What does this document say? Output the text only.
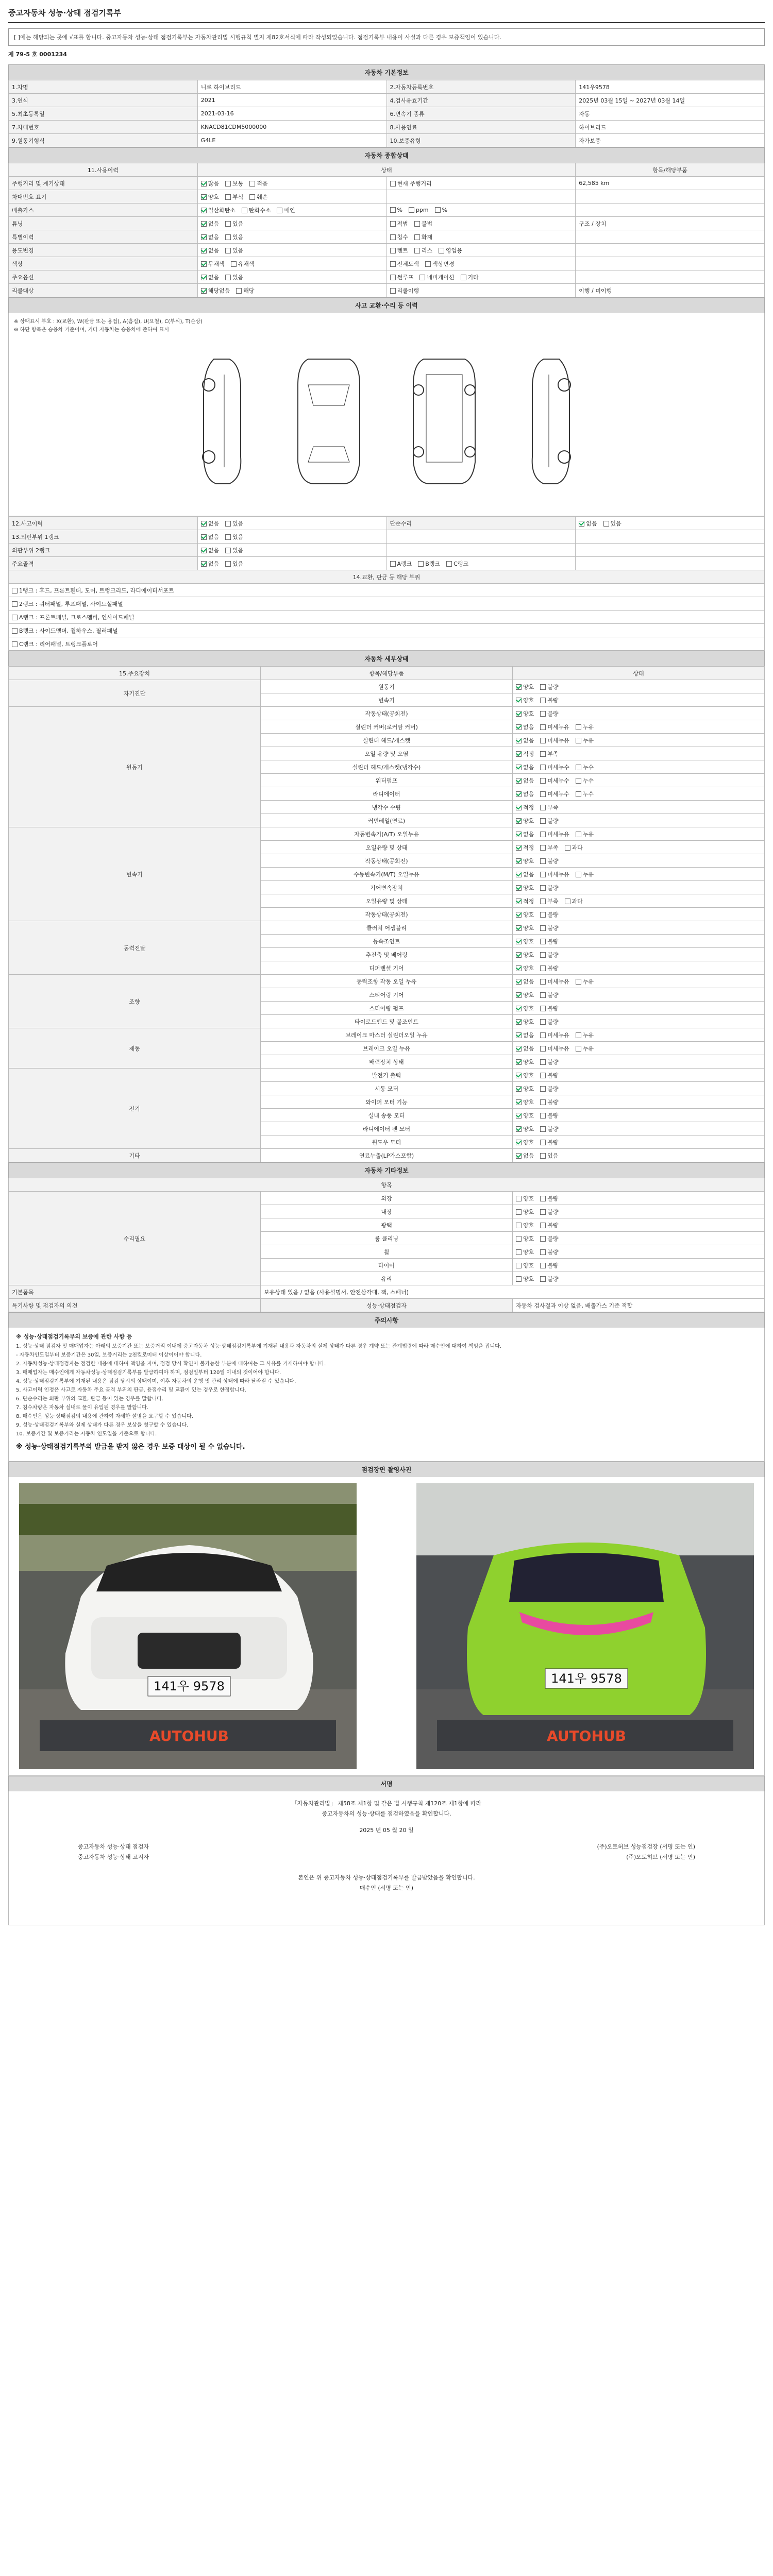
중고자동차 성능·상태 점검기록부
[ ]에는 해당되는 곳에 √표를 합니다. 중고자동차 성능·상태 점검기록부는 자동차관리법 시행규칙 별지 제82호서식에 따라 작성되었습니다. 점검기록부 내용이 사실과 다른 경우 보증책임이 있습니다.
제 79-5 호 0001234
자동차 기본정보
1.차명	니로 하이브리드	2.자동차등록번호	141우9578
3.연식	2021	4.검사유효기간	2025년 03월 15일 ~ 2027년 03월 14일
5.최초등록일	2021-03-16	6.변속기 종류	자동
7.차대번호	KNACD81CDM5000000	8.사용연료	하이브리드
9.원동기형식	G4LE	10.보증유형	자가보증
자동차 종합상태
11.사용이력	상태		항목/해당부품
주행거리 및 계기상태	많음 보통 적음	현재 주행거리	62,585 km
차대번호 표기	양호 부식 훼손		
배출가스	일산화탄소 탄화수소 매연	% ppm %	
튜닝	없음 있음	적법 불법	구조 / 장치
특별이력	없음 있음	침수 화재	
용도변경	없음 있음	렌트 리스 영업용	
색상	무채색 유채색	전체도색 색상변경	
주요옵션	없음 있음	썬루프 네비게이션 기타	
리콜대상	해당없음 해당	리콜이행	이행 / 미이행
사고 교환·수리 등 이력
※ 상태표시 부호 : X(교환), W(판금 또는 용접), A(흠집), U(요철), C(부식), T(손상)
※ 하단 항목은 승용차 기준이며, 기타 자동차는 승용차에 준하여 표시

12.사고이력	없음 있음	단순수리	없음 있음
13.외판부위 1랭크	없음 있음		
외판부위 2랭크	없음 있음		
주요골격	없음 있음	A랭크 B랭크 C랭크	
14.교환, 판금 등 해당 부위			
1랭크 : 후드, 프론트휀더, 도어, 트렁크리드, 라디에이터서포트			
2랭크 : 쿼터패널, 루프패널, 사이드실패널			
A랭크 : 프론트패널, 크로스멤버, 인사이드패널			
B랭크 : 사이드멤버, 휠하우스, 필러패널			
C랭크 : 리어패널, 트렁크플로어			
자동차 세부상태
15.주요장치	항목/해당부품	상태
자기진단	원동기	양호 불량
	변속기	양호 불량
원동기	작동상태(공회전)	양호 불량
	실린더 커버(로커암 커버)	없음 미세누유 누유
	실린더 헤드/개스켓	없음 미세누유 누유
	오일 유량 및 오염	적정 부족
	실린더 헤드/개스켓(냉각수)	없음 미세누수 누수
	워터펌프	없음 미세누수 누수
	라디에이터	없음 미세누수 누수
	냉각수 수량	적정 부족
	커먼레일(연료)	양호 불량
변속기	자동변속기(A/T) 오일누유	없음 미세누유 누유
	오일유량 및 상태	적정 부족 과다
	작동상태(공회전)	양호 불량
	수동변속기(M/T) 오일누유	없음 미세누유 누유
	기어변속장치	양호 불량
	오일유량 및 상태	적정 부족 과다
	작동상태(공회전)	양호 불량
동력전달	클러치 어셈블리	양호 불량
	등속조인트	양호 불량
	추진축 및 베어링	양호 불량
	디퍼렌셜 기어	양호 불량
조향	동력조향 작동 오일 누유	없음 미세누유 누유
	스티어링 기어	양호 불량
	스티어링 펌프	양호 불량
	타이로드엔드 및 볼조인트	양호 불량
제동	브레이크 마스터 실린더오일 누유	없음 미세누유 누유
	브레이크 오일 누유	없음 미세누유 누유
	배력장치 상태	양호 불량
전기	발전기 출력	양호 불량
	시동 모터	양호 불량
	와이퍼 모터 기능	양호 불량
	실내 송풍 모터	양호 불량
	라디에이터 팬 모터	양호 불량
	윈도우 모터	양호 불량
기타	연료누출(LP가스포함)	없음 있음
자동차 기타정보
항목		
수리필요	외장	양호 불량
	내장	양호 불량
	광택	양호 불량
	룸 클리닝	양호 불량
	휠	양호 불량
	타이어	양호 불량
	유리	양호 불량
기본품목	보유상태 있음 / 없음 (사용설명서, 안전삼각대, 잭, 스패너)	
특기사항 및 점검자의 의견	성능·상태점검자	자동차 검사결과 이상 없음, 배출가스 기준 적합
주의사항
※ 성능·상태점검기록부의 보증에 관한 사항 등

1. 성능·상태 점검자 및 매매업자는 아래의 보증기간 또는 보증거리 이내에 중고자동차 성능·상태점검기록부에 기재된 내용과 자동차의 실제 상태가 다른 경우 계약 또는 관계법령에 따라 매수인에 대하여 책임을 집니다.

- 자동차인도일부터 보증기간은 30일, 보증거리는 2천킬로미터 이상이어야 합니다.

2. 자동차성능·상태점검자는 점검한 내용에 대하여 책임을 지며, 점검 당시 확인이 불가능한 부분에 대하여는 그 사유를 기재하여야 합니다.

3. 매매업자는 매수인에게 자동차성능·상태점검기록부를 발급하여야 하며, 점검일부터 120일 이내의 것이어야 합니다.

4. 성능·상태점검기록부에 기재된 내용은 점검 당시의 상태이며, 이후 자동차의 운행 및 관리 상태에 따라 달라질 수 있습니다.

5. 사고이력 인정은 사고로 자동차 주요 골격 부위의 판금, 용접수리 및 교환이 있는 경우로 한정합니다.

6. 단순수리는 외판 부위의 교환, 판금 등이 있는 경우를 말합니다.

7. 침수차량은 자동차 실내로 물이 유입된 경우를 말합니다.

8. 매수인은 성능·상태점검의 내용에 관하여 자세한 설명을 요구할 수 있습니다.

9. 성능·상태점검기록부와 실제 상태가 다른 경우 보상을 청구할 수 있습니다.

10. 보증기간 및 보증거리는 자동차 인도일을 기준으로 합니다.

※ 성능·상태점검기록부의 발급을 받지 않은 경우 보증 대상이 될 수 없습니다.
점검장면 촬영사진
141우 9578
AUTOHUB
141우 9578
AUTOHUB
서명
「자동차관리법」 제58조 제1항 및 같은 법 시행규칙 제120조 제1항에 따라
중고자동차의 성능·상태를 점검하였음을 확인합니다.
2025 년 05 월 20 일
중고자동차 성능·상태 점검자	(주)오토허브 성능점검장 (서명 또는 인)
중고자동차 성능·상태 고지자	(주)오토허브 (서명 또는 인)
본인은 위 중고자동차 성능·상태점검기록부를 발급받았음을 확인합니다.
매수인 (서명 또는 인)
